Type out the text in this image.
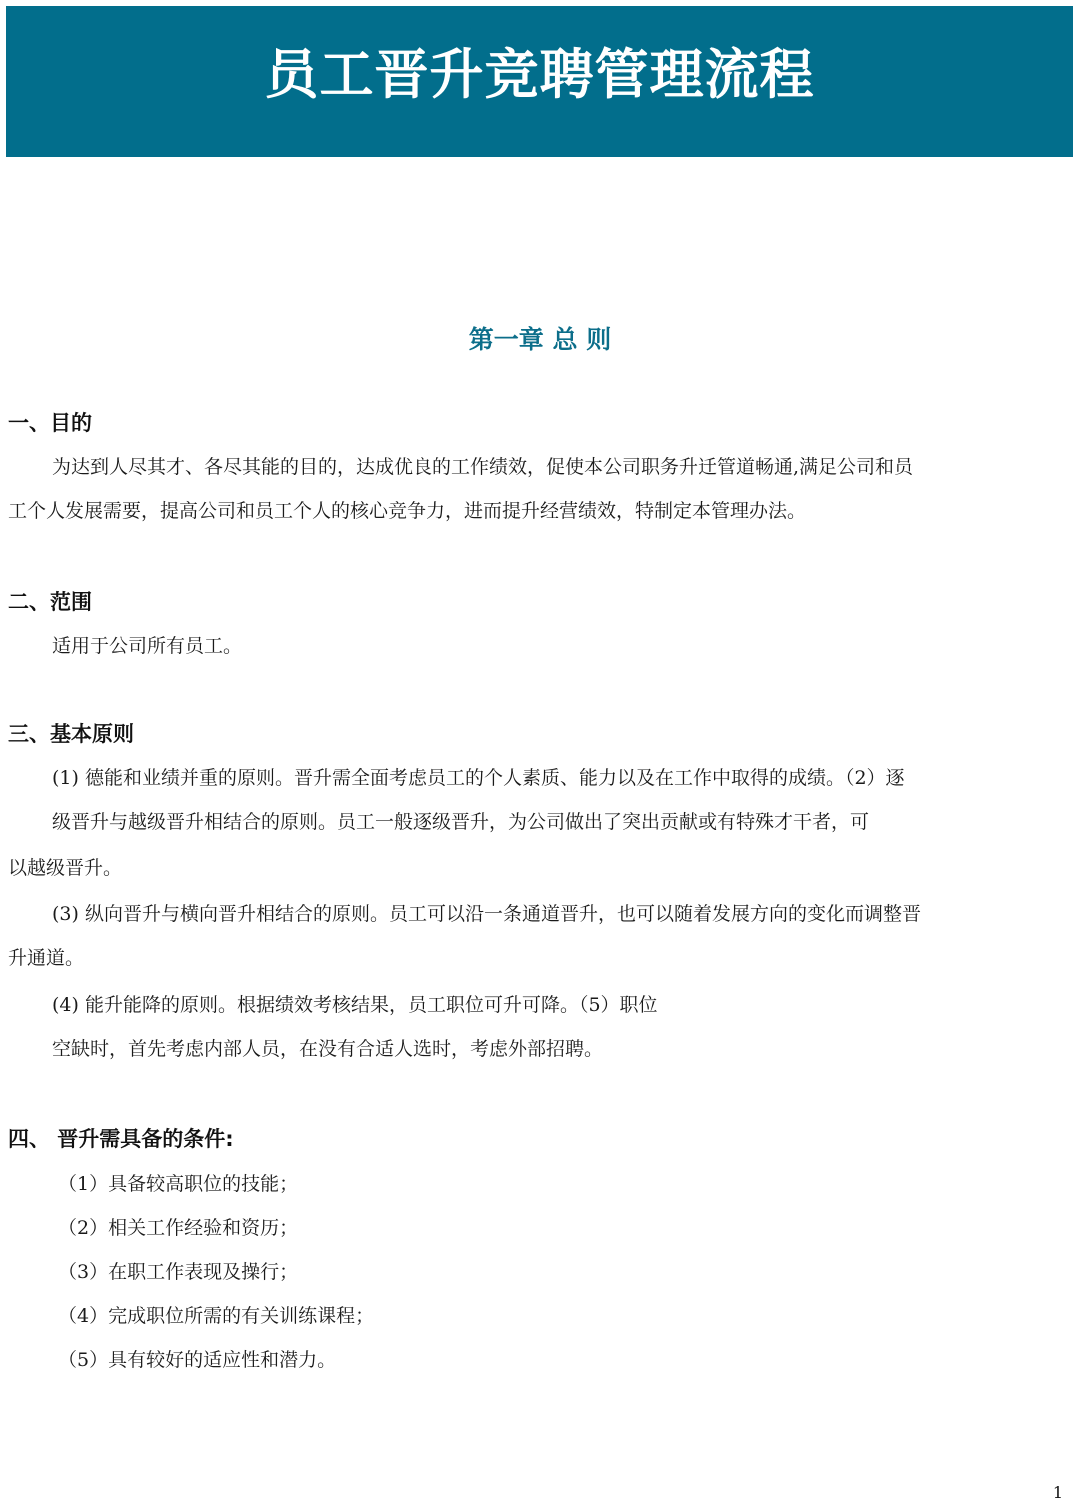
员工晋升竞聘管理流程
第一章 总 则
一、目的
为达到人尽其才、各尽其能的目的，达成优良的工作绩效，促使本公司职务升迁管道畅通,满足公司和员
工个人发展需要，提高公司和员工个人的核心竞争力，进而提升经营绩效，特制定本管理办法。
二、范围
适用于公司所有员工。
三、基本原则
(1) 德能和业绩并重的原则。晋升需全面考虑员工的个人素质、能力以及在工作中取得的成绩。（2）逐
级晋升与越级晋升相结合的原则。员工一般逐级晋升，为公司做出了突出贡献或有特殊才干者，可
以越级晋升。
(3) 纵向晋升与横向晋升相结合的原则。员工可以沿一条通道晋升，也可以随着发展方向的变化而调整晋
升通道。
(4) 能升能降的原则。根据绩效考核结果，员工职位可升可降。（5）职位
空缺时，首先考虑内部人员，在没有合适人选时，考虑外部招聘。
四、 晋升需具备的条件:
（1）具备较高职位的技能；
（2）相关工作经验和资历；
（3）在职工作表现及操行；
（4）完成职位所需的有关训练课程；
（5）具有较好的适应性和潜力。
1
